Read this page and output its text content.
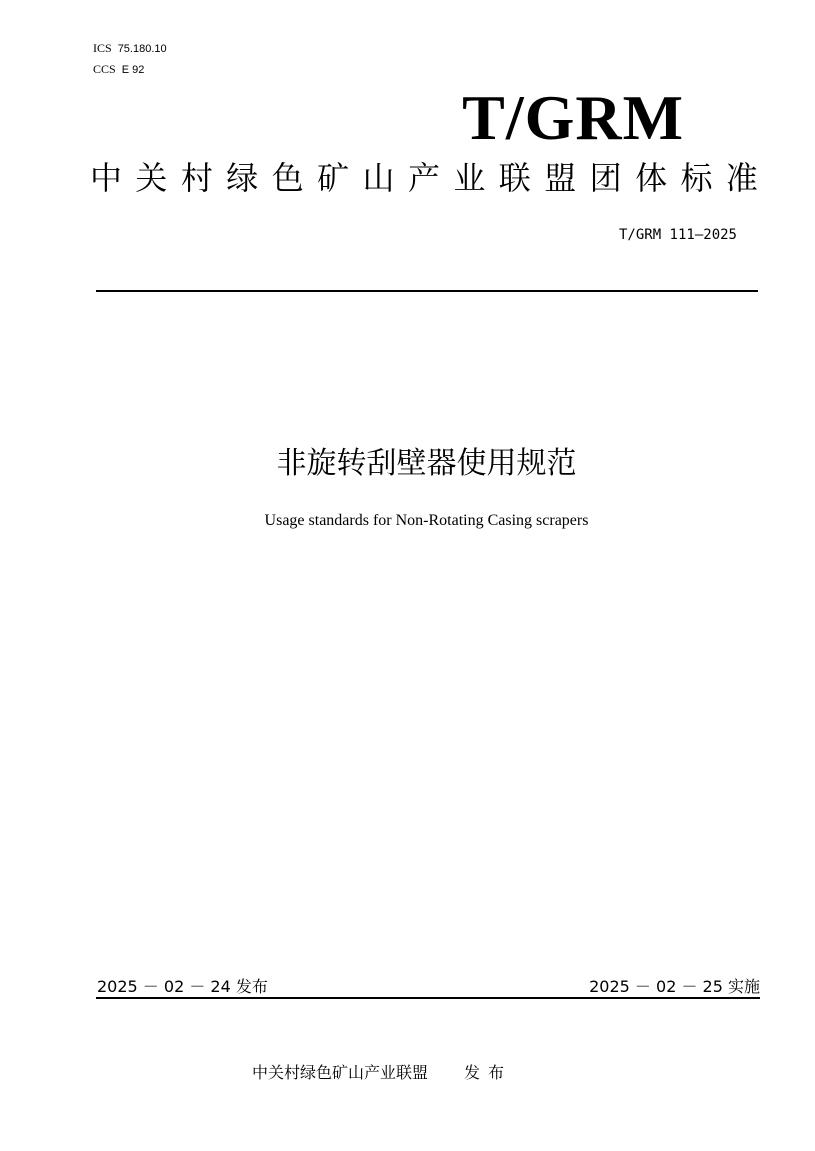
ICS 75.180.10
CCS E 92
T/GRM
中 关 村 绿 色 矿 山 产 业 联 盟 团 体 标 准
T/GRM 111—2025
非旋转刮壁器使用规范
Usage standards for Non-Rotating Casing scrapers
2025 － 02 － 24 发布	2025 － 02 － 25 实施
中关村绿色矿山产业联盟 发布
